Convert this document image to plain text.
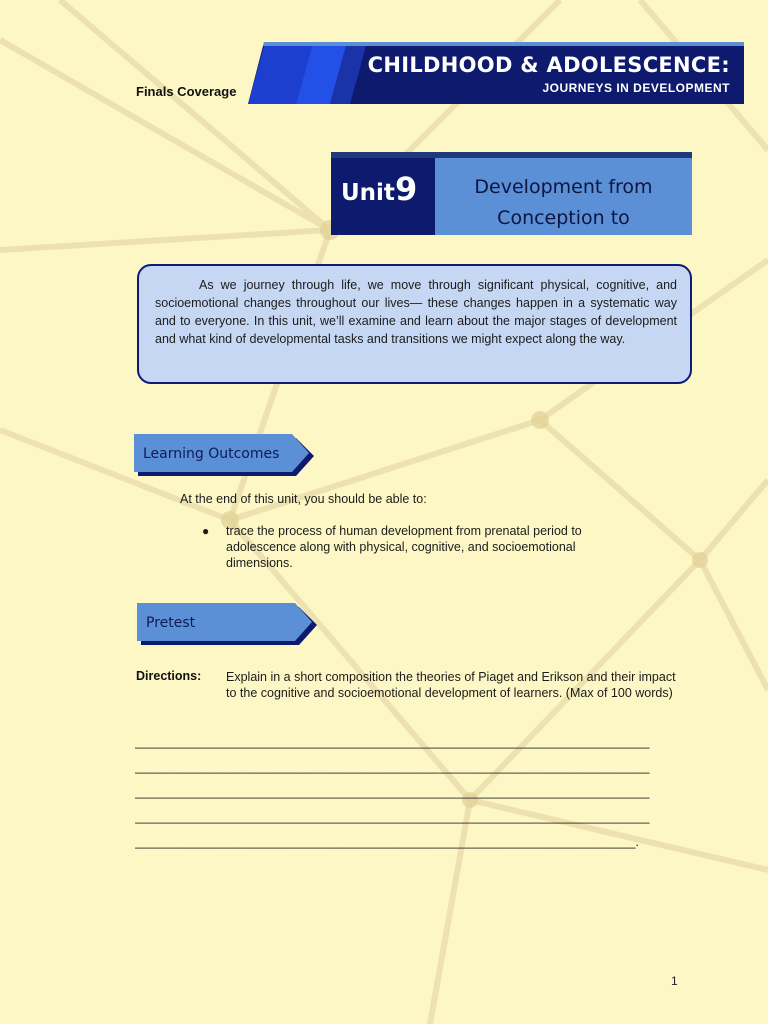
Finals Coverage
CHILDHOOD & ADOLESCENCE:
JOURNEYS IN DEVELOPMENT
Unit 9	Development from
Conception to

As we journey through life, we move through significant physical, cognitive, and socioemotional changes throughout our lives— these changes happen in a systematic way and to everyone. In this unit, we’ll examine and learn about the major stages of development and what kind of developmental tasks and transitions we might expect along the way.

Learning Outcomes
At the end of this unit, you should be able to:
● trace the process of human development from prenatal period to adolescence along with physical, cognitive, and socioemotional dimensions.
Pretest
Directions: Explain in a short composition the theories of Piaget and Erikson and their impact to the cognitive and socioemotional development of learners. (Max of 100 words)
__________________________________________________________________________
__________________________________________________________________________
__________________________________________________________________________
__________________________________________________________________________
________________________________________________________________________.
1
